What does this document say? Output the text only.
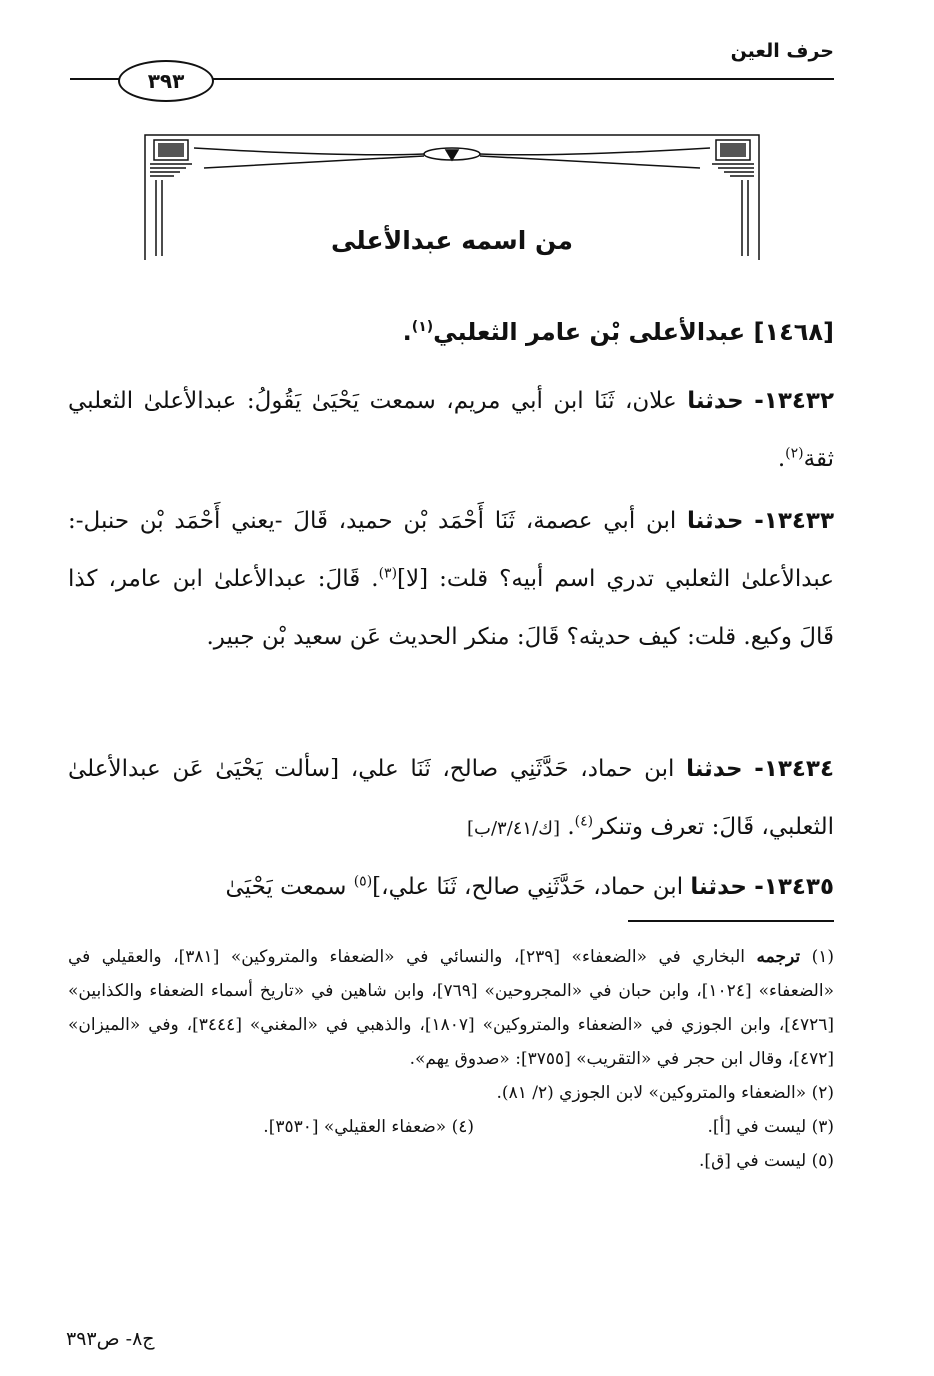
حرف العين
٣٩٣
من اسمه عبدالأعلى
[١٤٦٨] عبدالأعلى بْن عامر الثعلبي$^{(١)}$.
١٣٤٣٢- حدثنا علان، ثَنَا ابن أبي مريم، سمعت يَحْيَىٰ يَقُولُ: عبدالأعلىٰ الثعلبي ثقة$^{(٢)}$.
١٣٤٣٣- حدثنا ابن أبي عصمة، ثَنَا أَحْمَد بْن حميد، قَالَ -يعني أَحْمَد بْن حنبل-: عبدالأعلىٰ الثعلبي تدري اسم أبيه؟ قلت: [لا]$^{(٣)}$. قَالَ: عبدالأعلىٰ ابن عامر، كذا قَالَ وكيع. قلت: كيف حديثه؟ قَالَ: منكر الحديث عَن سعيد بْن جبير.
١٣٤٣٤- حدثنا ابن حماد، حَدَّثَنِي صالح، ثَنَا علي، [سألت يَحْيَىٰ عَن عبدالأعلىٰ الثعلبي، قَالَ: تعرف وتنكر$^{(٤)}$. [ك/٣/٤١/ب]
١٣٤٣٥- حدثنا ابن حماد، حَدَّثَنِي صالح، ثَنَا علي،]$^{(٥)}$ سمعت يَحْيَىٰ
(١) ترجمه البخاري في «الضعفاء» [٢٣٩]، والنسائي في «الضعفاء والمتروكين» [٣٨١]، والعقيلي في «الضعفاء» [١٠٢٤]، وابن حبان في «المجروحين» [٧٦٩]، وابن شاهين في «تاريخ أسماء الضعفاء والكذابين» [٤٧٢٦]، وابن الجوزي في «الضعفاء والمتروكين» [١٨٠٧]، والذهبي في «المغني» [٣٤٤٤]، وفي «الميزان» [٤٧٢]، وقال ابن حجر في «التقريب» [٣٧٥٥]: «صدوق يهم».
(٢) «الضعفاء والمتروكين» لابن الجوزي (٢/ ٨١).
(٣) ليست في [أ].
(٤) «ضعفاء العقيلي» [٣٥٣٠].
(٥) ليست في [ق].
ج٨- ص٣٩٣
